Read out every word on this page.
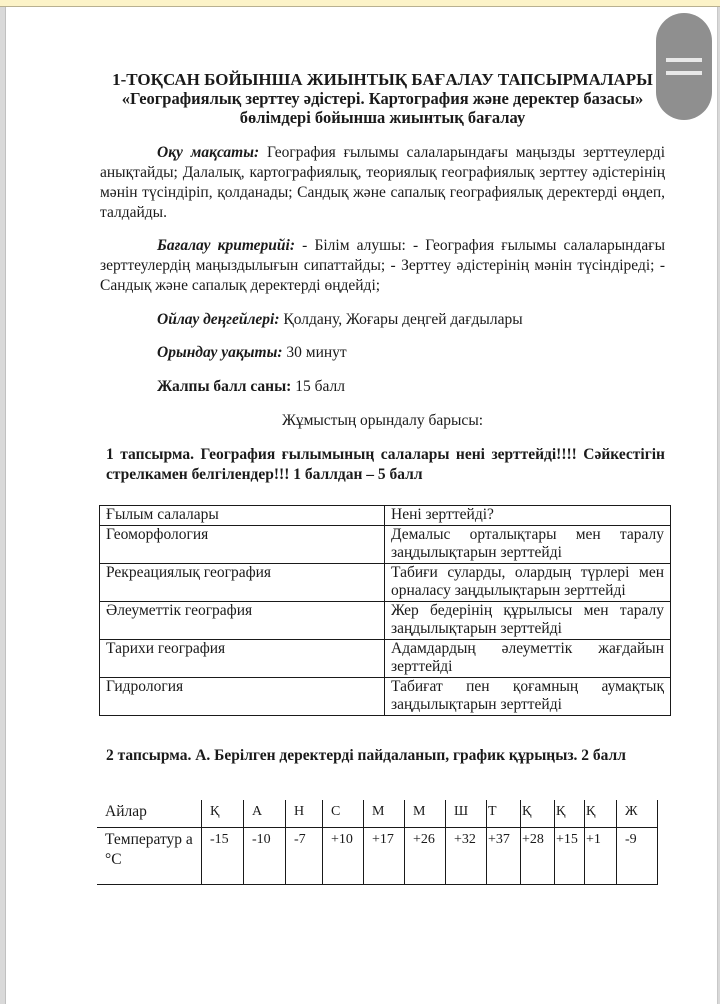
1-ТОҚСАН БОЙЫНША ЖИЫНТЫҚ БАҒАЛАУ ТАПСЫРМАЛАРЫ

«Географиялық зерттеу әдістері. Картография және деректер базасы»

бөлімдері бойынша жиынтық бағалау

Оқу мақсаты: География ғылымы салаларындағы маңызды зерттеулерді анықтайды; Далалық, картографиялық, теориялық географиялық зерттеу әдістерінің мәнін түсіндіріп, қолданады; Сандық және сапалық географиялық деректерді өңдеп, талдайды.

Бағалау критерийі: - Білім алушы: - География ғылымы салаларындағы зерттеулердің маңыздылығын сипаттайды; - Зерттеу әдістерінің мәнін түсіндіреді; - Сандық және сапалық деректерді өңдейді;

Ойлау деңгейлері: Қолдану, Жоғары деңгей дағдылары

Орындау уақыты: 30 минут

Жалпы балл саны: 15 балл

Жұмыстың орындалу барысы:

1 тапсырма. География ғылымының салалары нені зерттейді!!!! Сәйкестігін стрелкамен белгілендер!!! 1 баллдан – 5 балл

Ғылым салалары	Нені зерттейді?
Геоморфология	Демалыс орталықтары мен таралу заңдылықтарын зерттейді
Рекреациялық география	Табиғи суларды, олардың түрлері мен орналасу заңдылықтарын зерттейді
Әлеуметтік география	Жер бедерінің құрылысы мен таралу заңдылықтарын зерттейді
Тарихи география	Адамдардың әлеуметтік жағдайын зерттейді
Гидрология	Табиғат пен қоғамның аумақтық заңдылықтарын зерттейді

2 тапсырма. А. Берілген деректерді пайдаланып, график құрыңыз. 2 балл

Айлар	Қ	А	Н	С	М	М	Ш	Т	Қ	Қ	Қ	Ж
Температур а °С	-15	-10	-7	+10	+17	+26	+32	+37	+28	+15	+1	-9
